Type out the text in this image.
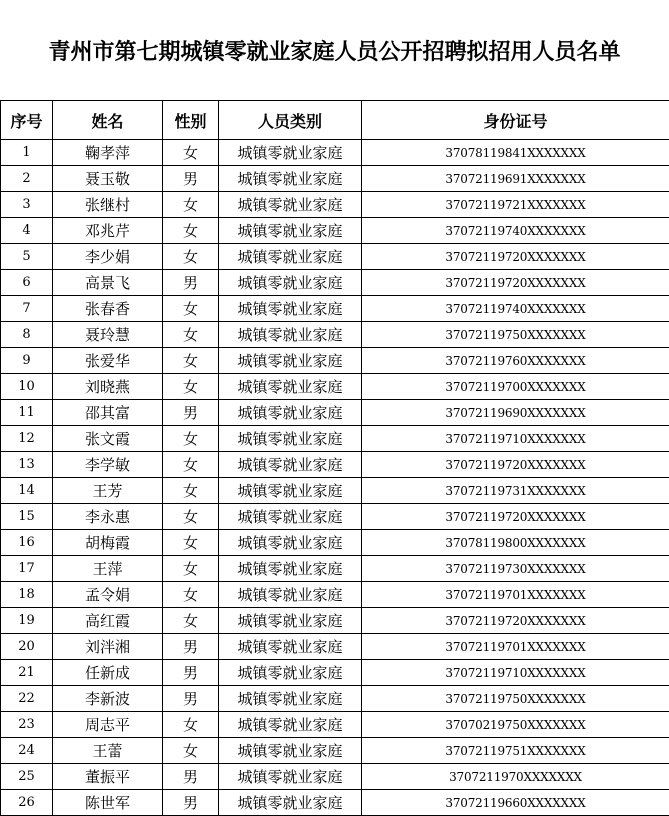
青州市第七期城镇零就业家庭人员公开招聘拟招用人员名单
序号	姓名	性别	人员类别	身份证号
1	鞠孝萍	女	城镇零就业家庭	37078119841XXXXXXX
2	聂玉敬	男	城镇零就业家庭	37072119691XXXXXXX
3	张继村	女	城镇零就业家庭	37072119721XXXXXXX
4	邓兆芹	女	城镇零就业家庭	37072119740XXXXXXX
5	李少娟	女	城镇零就业家庭	37072119720XXXXXXX
6	高景飞	男	城镇零就业家庭	37072119720XXXXXXX
7	张春香	女	城镇零就业家庭	37072119740XXXXXXX
8	聂玲慧	女	城镇零就业家庭	37072119750XXXXXXX
9	张爱华	女	城镇零就业家庭	37072119760XXXXXXX
10	刘晓燕	女	城镇零就业家庭	37072119700XXXXXXX
11	邵其富	男	城镇零就业家庭	37072119690XXXXXXX
12	张文霞	女	城镇零就业家庭	37072119710XXXXXXX
13	李学敏	女	城镇零就业家庭	37072119720XXXXXXX
14	王芳	女	城镇零就业家庭	37072119731XXXXXXX
15	李永惠	女	城镇零就业家庭	37072119720XXXXXXX
16	胡梅霞	女	城镇零就业家庭	37078119800XXXXXXX
17	王萍	女	城镇零就业家庭	37072119730XXXXXXX
18	孟令娟	女	城镇零就业家庭	37072119701XXXXXXX
19	高红霞	女	城镇零就业家庭	37072119720XXXXXXX
20	刘泮湘	男	城镇零就业家庭	37072119701XXXXXXX
21	任新成	男	城镇零就业家庭	37072119710XXXXXXX
22	李新波	男	城镇零就业家庭	37072119750XXXXXXX
23	周志平	女	城镇零就业家庭	37070219750XXXXXXX
24	王蕾	女	城镇零就业家庭	37072119751XXXXXXX
25	董振平	男	城镇零就业家庭	3707211970XXXXXXX
26	陈世军	男	城镇零就业家庭	37072119660XXXXXXX
